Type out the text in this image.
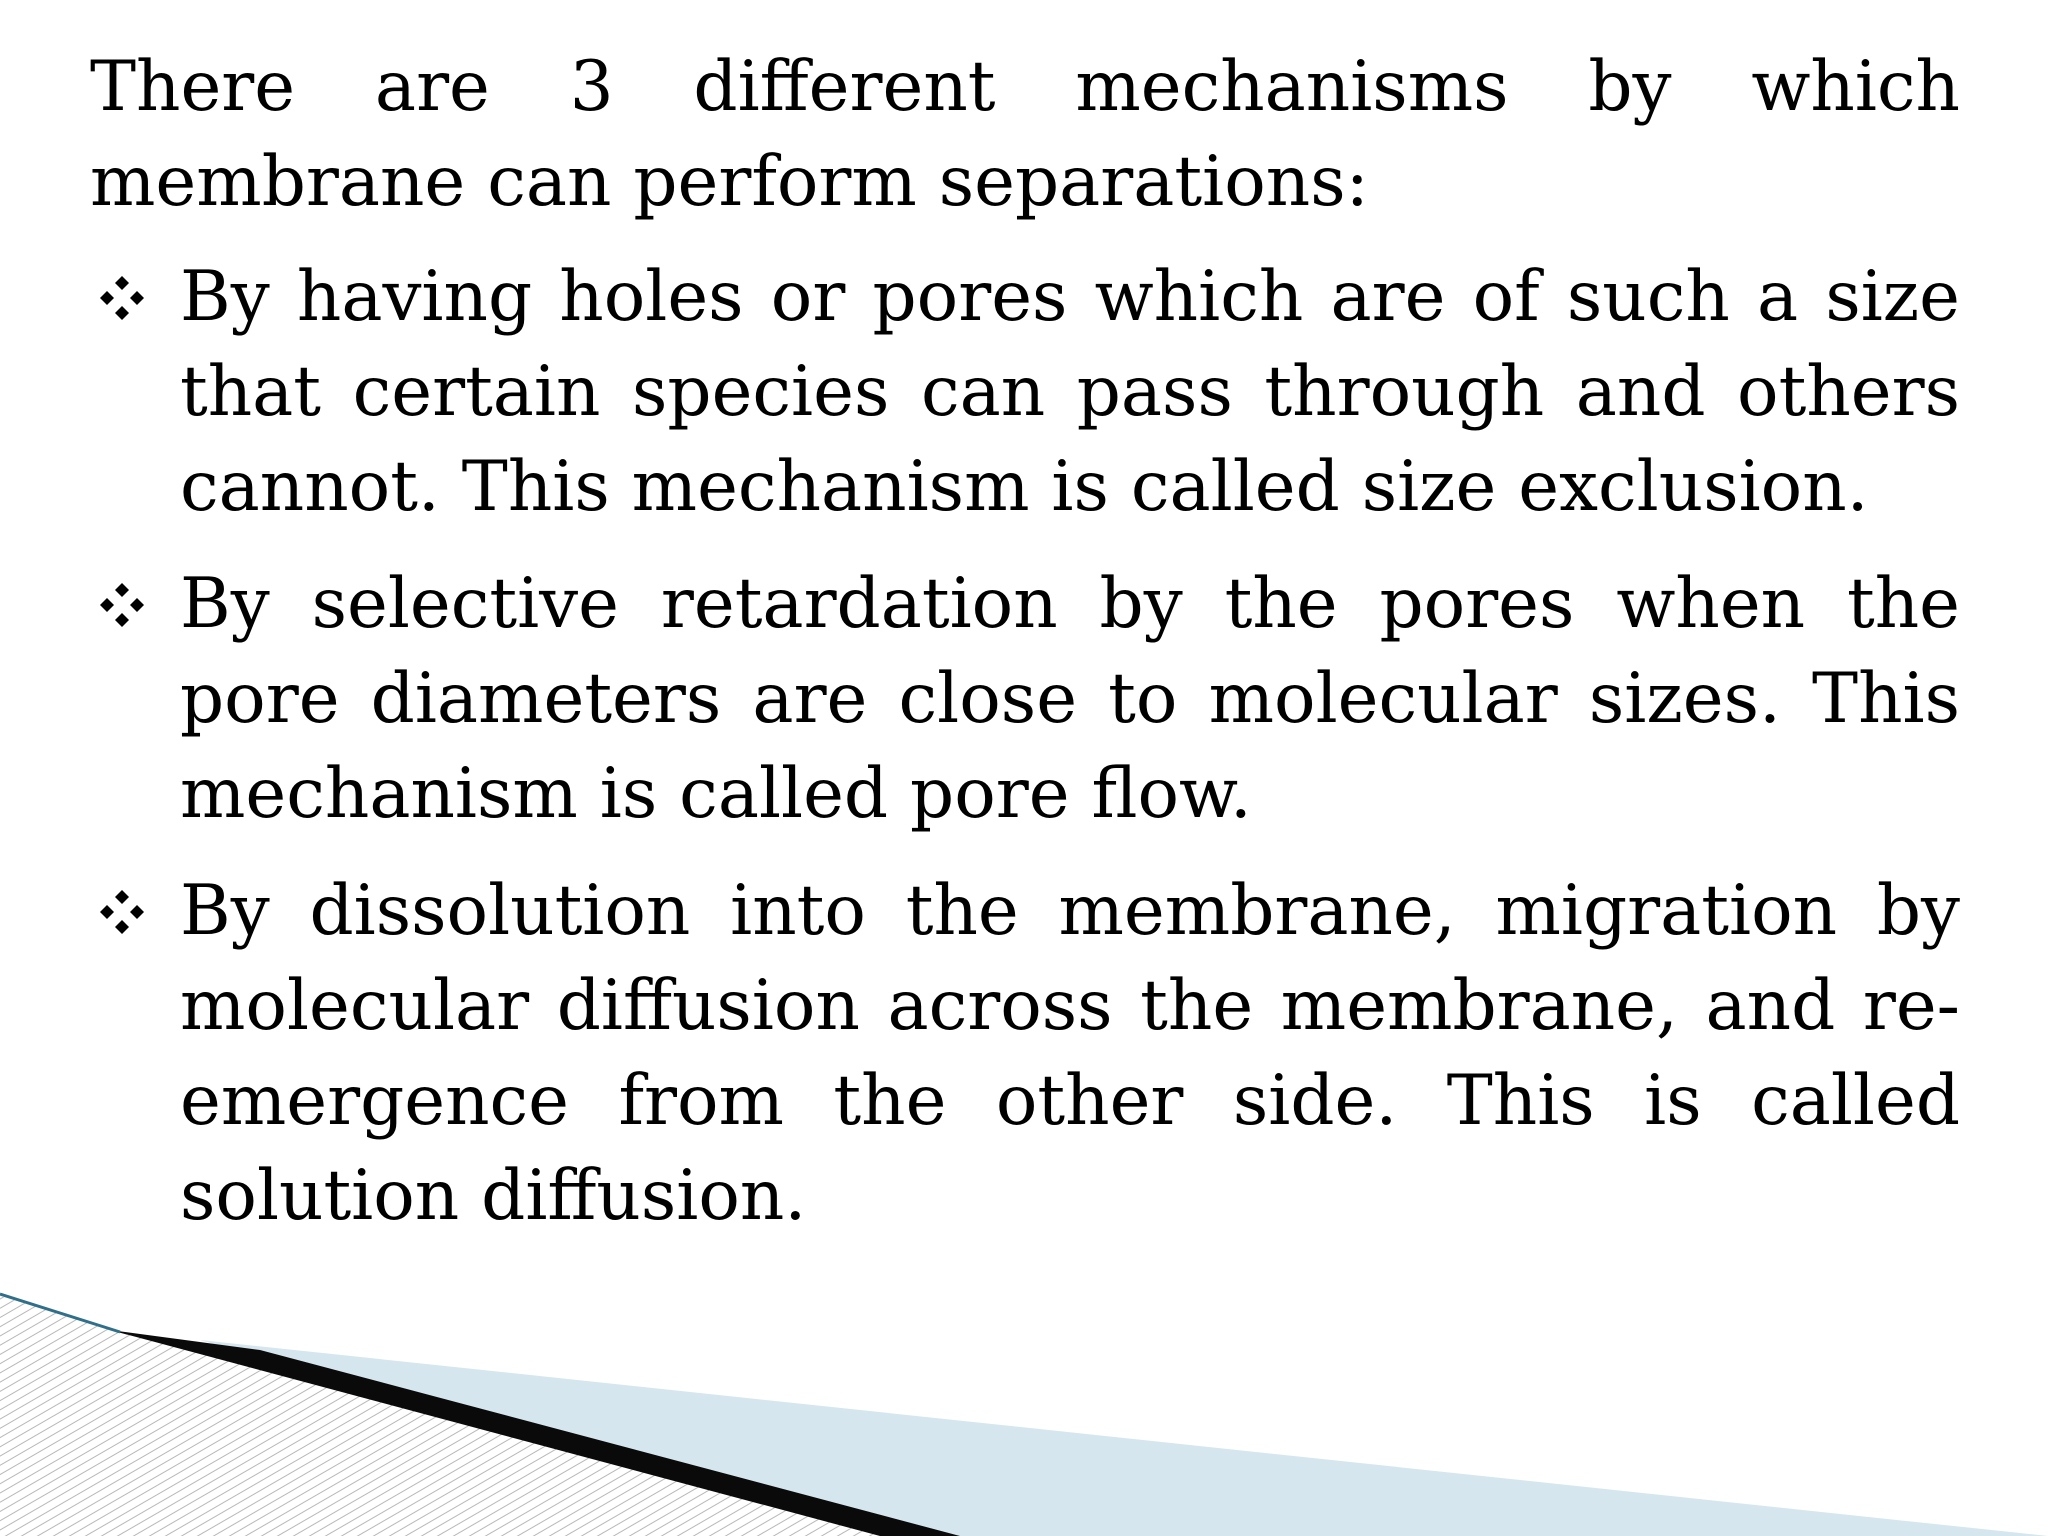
There are 3 different mechanisms by which membrane can perform separations:

By having holes or pores which are of such a size that certain species can pass through and others cannot. This mechanism is called size exclusion.
By selective retardation by the pores when the pore diameters are close to molecular sizes. This mechanism is called pore flow.
By dissolution into the membrane, migration by molecular diffusion across the membrane, and re-emergence from the other side. This is called solution diffusion.
